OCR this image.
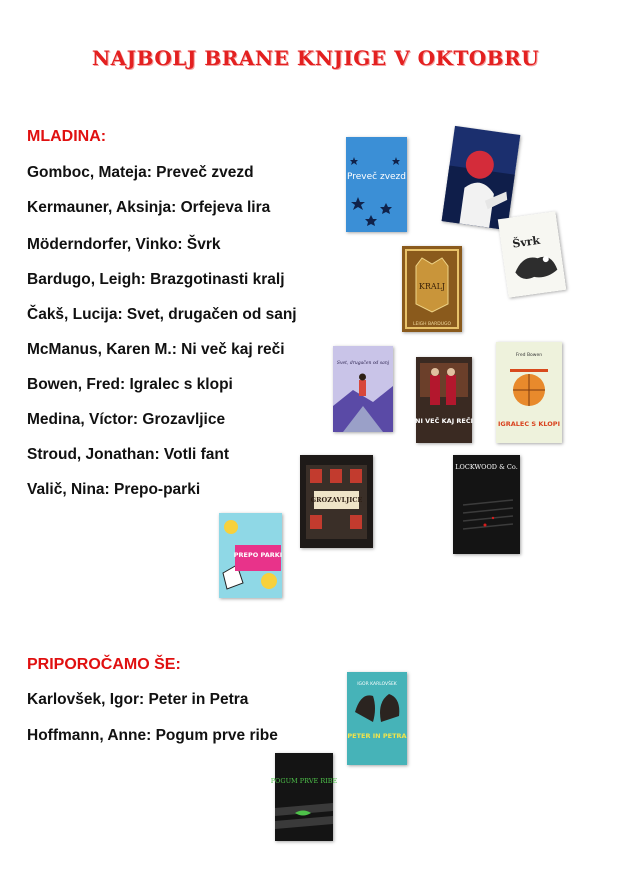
NAJBOLJ BRANE KNJIGE V OKTOBRU
MLADINA:
Gomboc, Mateja: Preveč zvezd
Kermauner, Aksinja: Orfejeva lira
Möderndorfer, Vinko: Švrk
Bardugo, Leigh: Brazgotinasti kralj
Čakš, Lucija: Svet, drugačen od sanj
McManus, Karen M.: Ni več kaj reči
Bowen, Fred: Igralec s klopi
Medina, Víctor: Grozavljice
Stroud, Jonathan: Votli fant
Valič, Nina: Prepo-parki
PRIPOROČAMO ŠE:
Karlovšek, Igor: Peter in Petra
Hoffmann, Anne: Pogum prve ribe
Preveč zvezd
Švrk
KRALJ
LEIGH BARDUGO
Svet, drugačen od sanj
NI VEČ KAJ REČI
Fred Bowen
IGRALEC S KLOPI
GROZAVLJICE
LOCKWOOD & Co.
PREPO PARKI
IGOR KARLOVŠEK
PETER IN PETRA
POGUM PRVE RIBE
